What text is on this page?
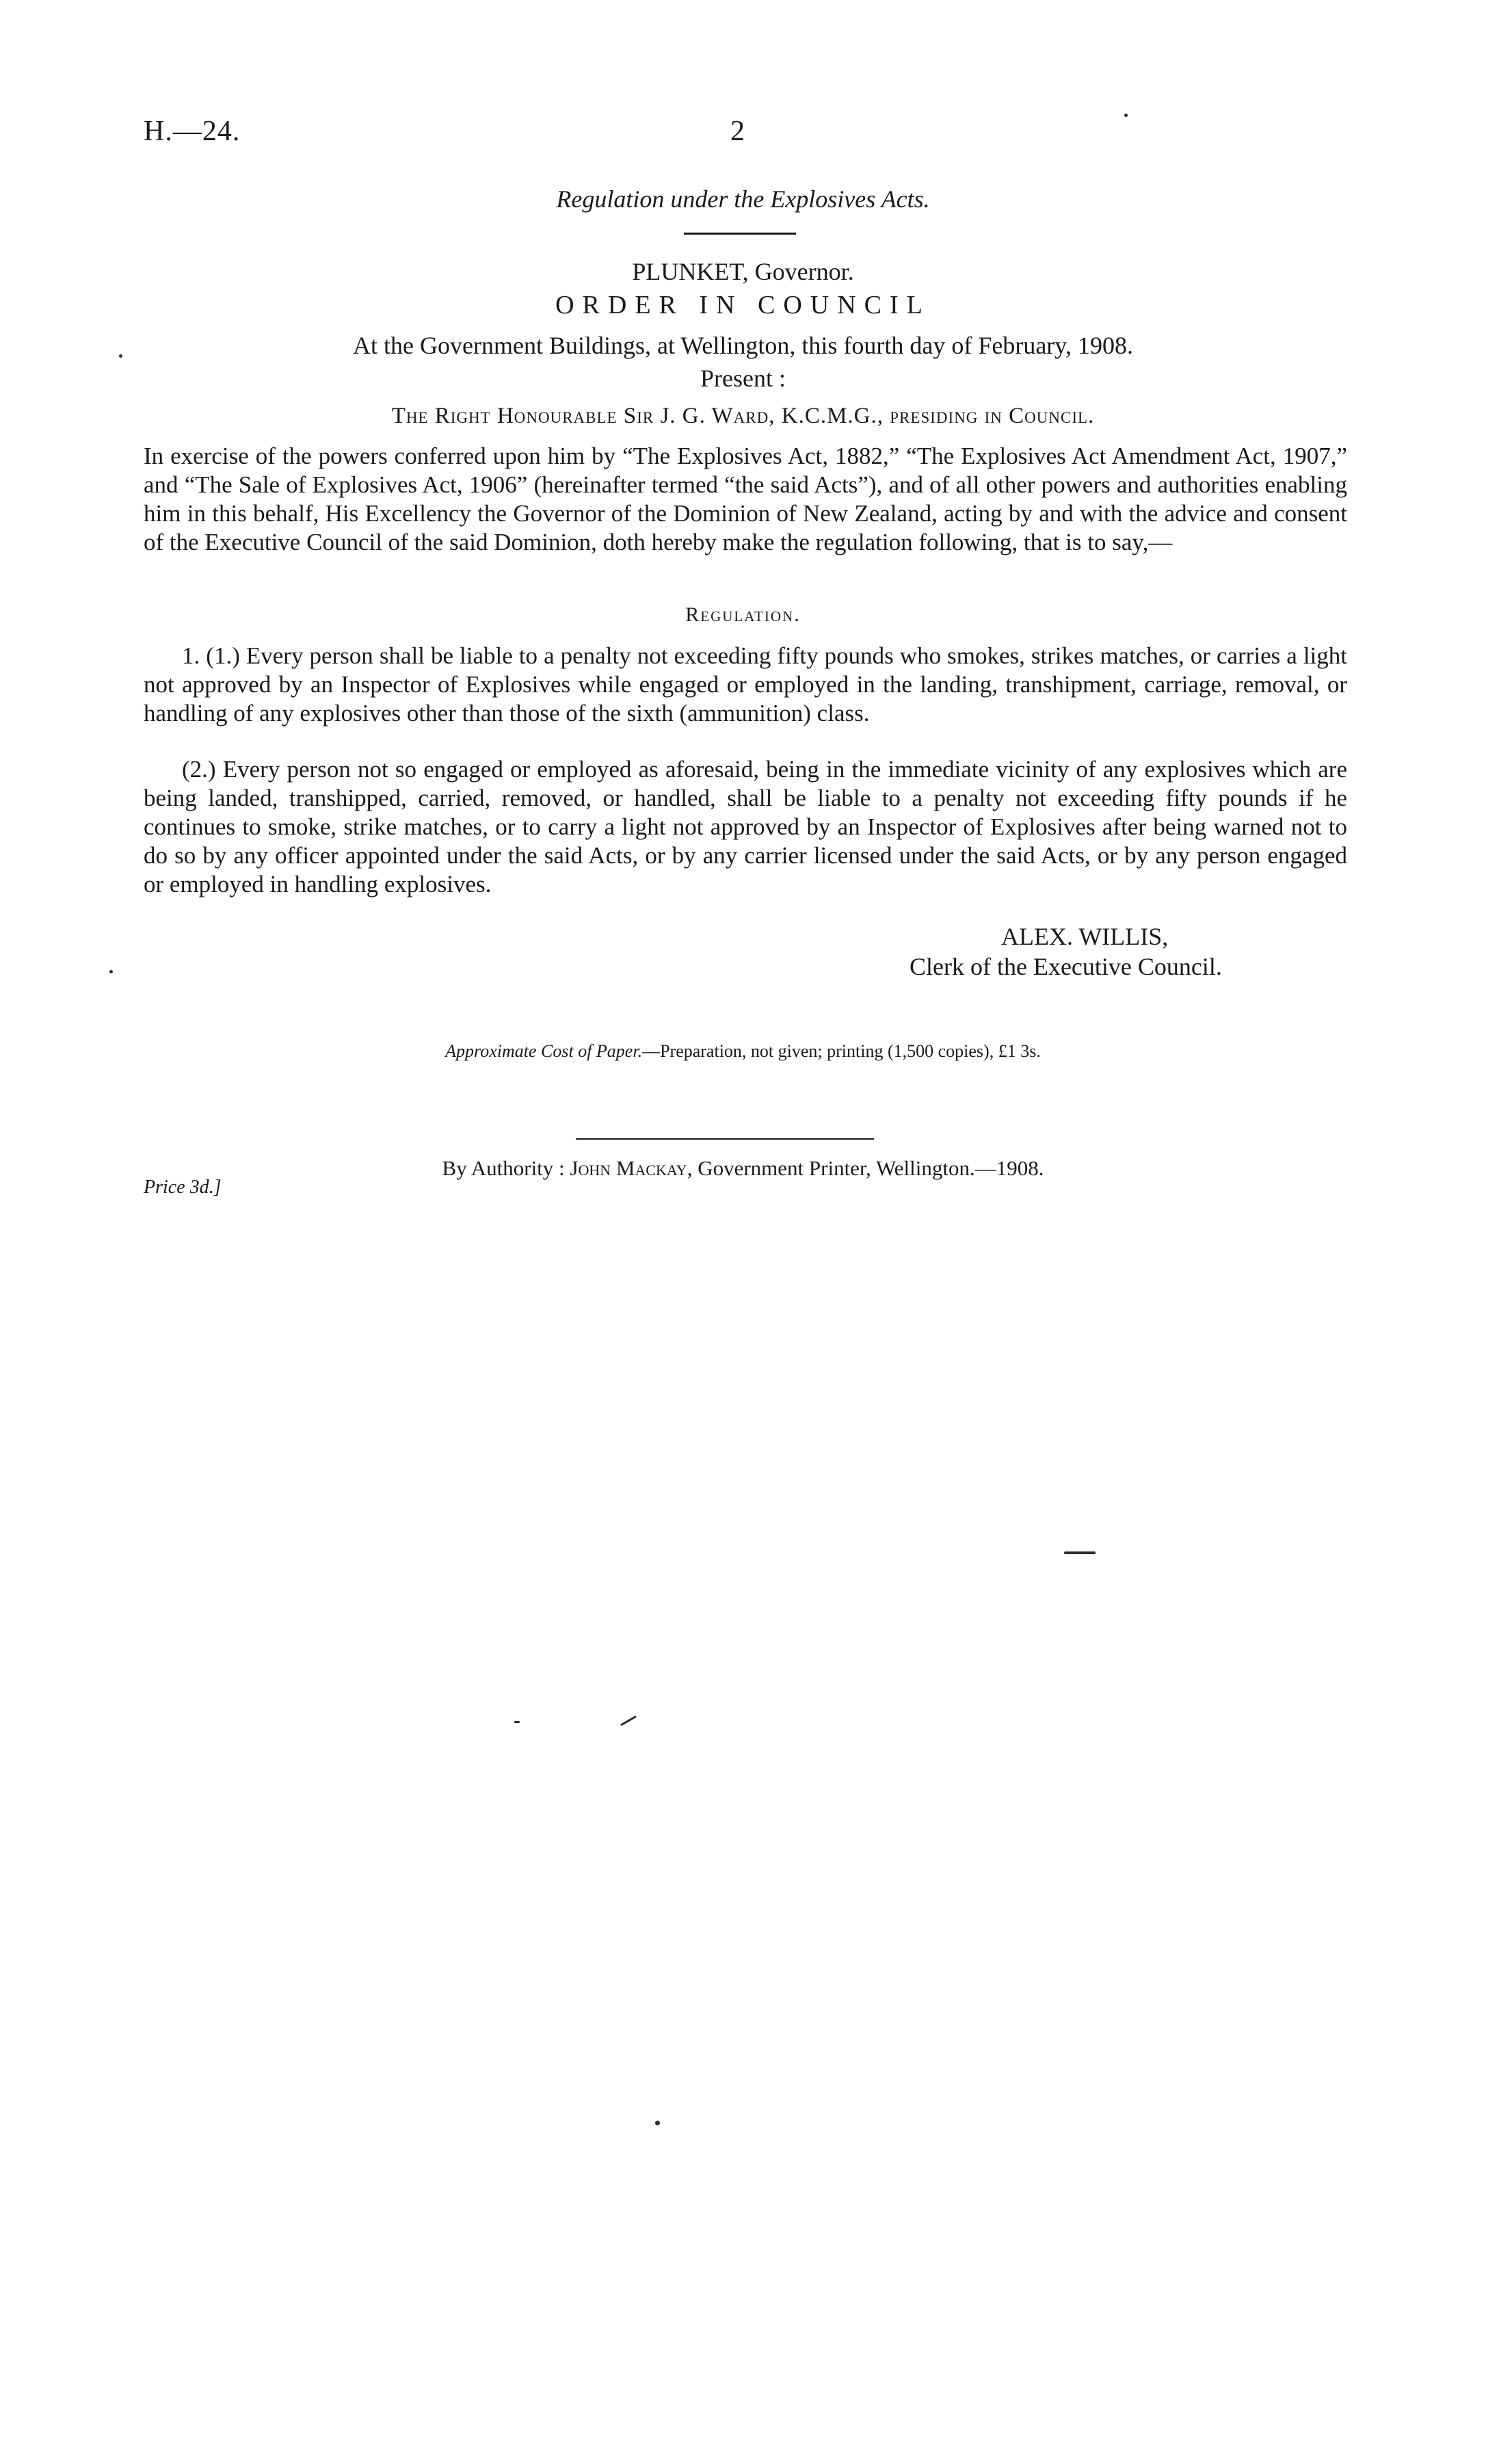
H.—24.	2
Regulation under the Explosives Acts.
PLUNKET, Governor.
ORDER IN COUNCIL
At the Government Buildings, at Wellington, this fourth day of February, 1908.
Present :
The Right Honourable Sir J. G. Ward, K.C.M.G., presiding in Council.
In exercise of the powers conferred upon him by “The Explosives Act, 1882,” “The Explosives Act Amendment Act, 1907,” and “The Sale of Explosives Act, 1906” (hereinafter termed “the said Acts”), and of all other powers and authorities enabling him in this behalf, His Excellency the Governor of the Dominion of New Zealand, acting by and with the advice and consent of the Executive Council of the said Dominion, doth hereby make the regulation following, that is to say,—
Regulation.
1. (1.) Every person shall be liable to a penalty not exceeding fifty pounds who smokes, strikes matches, or carries a light not approved by an Inspector of Explosives while engaged or employed in the landing, transhipment, carriage, removal, or handling of any explosives other than those of the sixth (ammunition) class.
(2.) Every person not so engaged or employed as aforesaid, being in the immediate vicinity of any explosives which are being landed, transhipped, carried, removed, or handled, shall be liable to a penalty not exceeding fifty pounds if he continues to smoke, strike matches, or to carry a light not approved by an Inspector of Explosives after being warned not to do so by any officer appointed under the said Acts, or by any carrier licensed under the said Acts, or by any person engaged or employed in handling explosives.
ALEX. WILLIS,
Clerk of the Executive Council.
Approximate Cost of Paper.—Preparation, not given; printing (1,500 copies), £1 3s.
Price 3d.]
By Authority : John Mackay, Government Printer, Wellington.—1908.
